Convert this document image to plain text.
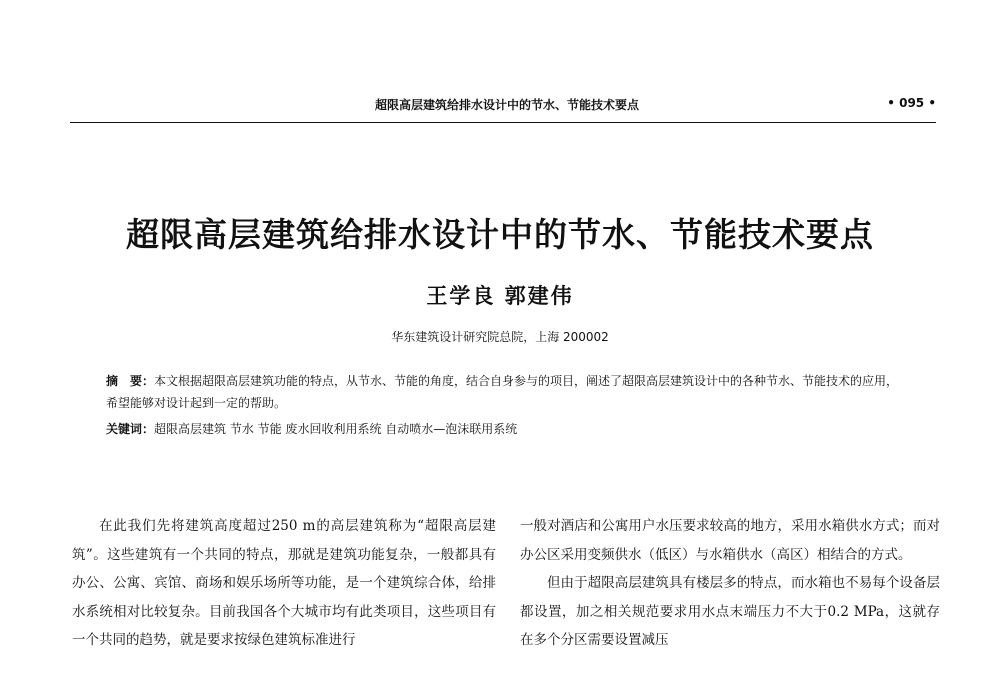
超限高层建筑给排水设计中的节水、节能技术要点	• 095 •
超限高层建筑给排水设计中的节水、节能技术要点
王学良 郭建伟
华东建筑设计研究院总院，上海 200002
摘　要：本文根据超限高层建筑功能的特点，从节水、节能的角度，结合自身参与的项目，阐述了超限高层建筑设计中的各种节水、节能技术的应用，希望能够对设计起到一定的帮助。
关键词：超限高层建筑 节水 节能 废水回收利用系统 自动喷水—泡沫联用系统

在此我们先将建筑高度超过250 m的高层建筑称为“超限高层建筑”。这些建筑有一个共同的特点，那就是建筑功能复杂，一般都具有办公、公寓、宾馆、商场和娱乐场所等功能，是一个建筑综合体，给排水系统相对比较复杂。目前我国各个大城市均有此类项目，这些项目有一个共同的趋势，就是要求按绿色建筑标准进行

一般对酒店和公寓用户水压要求较高的地方，采用水箱供水方式；而对办公区采用变频供水（低区）与水箱供水（高区）相结合的方式。

但由于超限高层建筑具有楼层多的特点，而水箱也不易每个设备层都设置，加之相关规范要求用水点末端压力不大于0.2 MPa，这就存在多个分区需要设置减压
